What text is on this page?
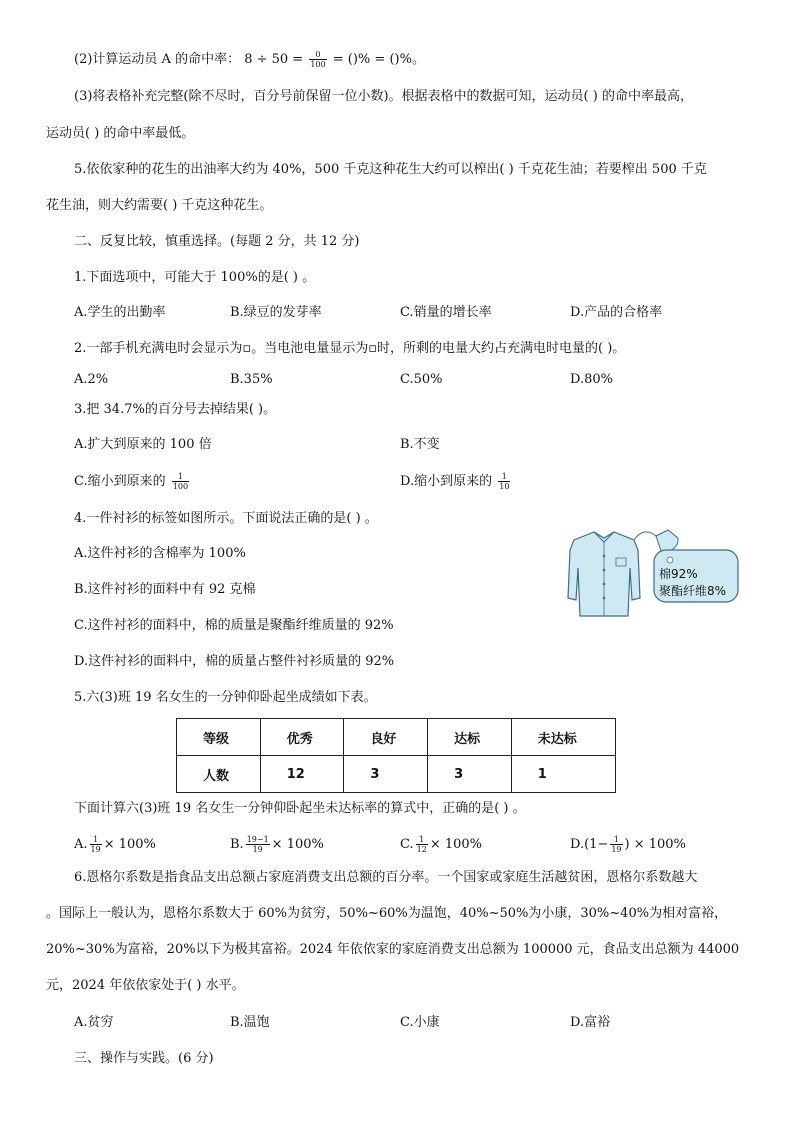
(2)计算运动员 A 的命中率： $8 \div 50 = \frac{0}{100}$ = ()% = ()%。
(3)将表格补充完整(除不尽时，百分号前保留一位小数)。根据表格中的数据可知，运动员( ) 的命中率最高，
运动员( ) 的命中率最低。
5.依依家种的花生的出油率大约为 40%，500 千克这种花生大约可以榨出( ) 千克花生油；若要榨出 500 千克
花生油，则大约需要( ) 千克这种花生。
二、反复比较，慎重选择。(每题 2 分，共 12 分)
1.下面选项中，可能大于 100%的是( ) 。
A.学生的出勤率	B.绿豆的发芽率	C.销量的增长率	D.产品的合格率
2.一部手机充满电时会显示为▫。当电池电量显示为▫时，所剩的电量大约占充满电时电量的( )。
A.2%	B.35%	C.50%	D.80%
3.把 34.7%的百分号去掉结果( )。
A.扩大到原来的 100 倍	B.不变
C.缩小到原来的 $\frac{1}{100}$	D.缩小到原来的 $\frac{1}{10}$
4.一件衬衫的标签如图所示。下面说法正确的是( ) 。
A.这件衬衫的含棉率为 100%
B.这件衬衫的面料中有 92 克棉
C.这件衬衫的面料中，棉的质量是聚酯纤维质量的 92%
D.这件衬衫的面料中，棉的质量占整件衬衫质量的 92%
棉92%
聚酯纤维8%
5.六(3)班 19 名女生的一分钟仰卧起坐成绩如下表。
等级	优秀	良好	达标	未达标
人数	12	3	3	1
下面计算六(3)班 19 名女生一分钟仰卧起坐未达标率的算式中，正确的是( ) 。
A. $\frac{1}{19} \times 100\%$	B. $\frac{19-1}{19} \times 100\%$	C. $\frac{1}{12} \times 100\%$	$D.(1- \frac{1}{19}$ ) × 100%
6.恩格尔系数是指食品支出总额占家庭消费支出总额的百分率。一个国家或家庭生活越贫困，恩格尔系数越大
。国际上一般认为，恩格尔系数大于 60%为贫穷，50%~60%为温饱，40%~50%为小康，30%~40%为相对富裕，
20%~30%为富裕，20%以下为极其富裕。2024 年依依家的家庭消费支出总额为 100000 元，食品支出总额为 44000
元，2024 年依依家处于( ) 水平。
A.贫穷	B.温饱	C.小康	D.富裕
三、操作与实践。(6 分)
